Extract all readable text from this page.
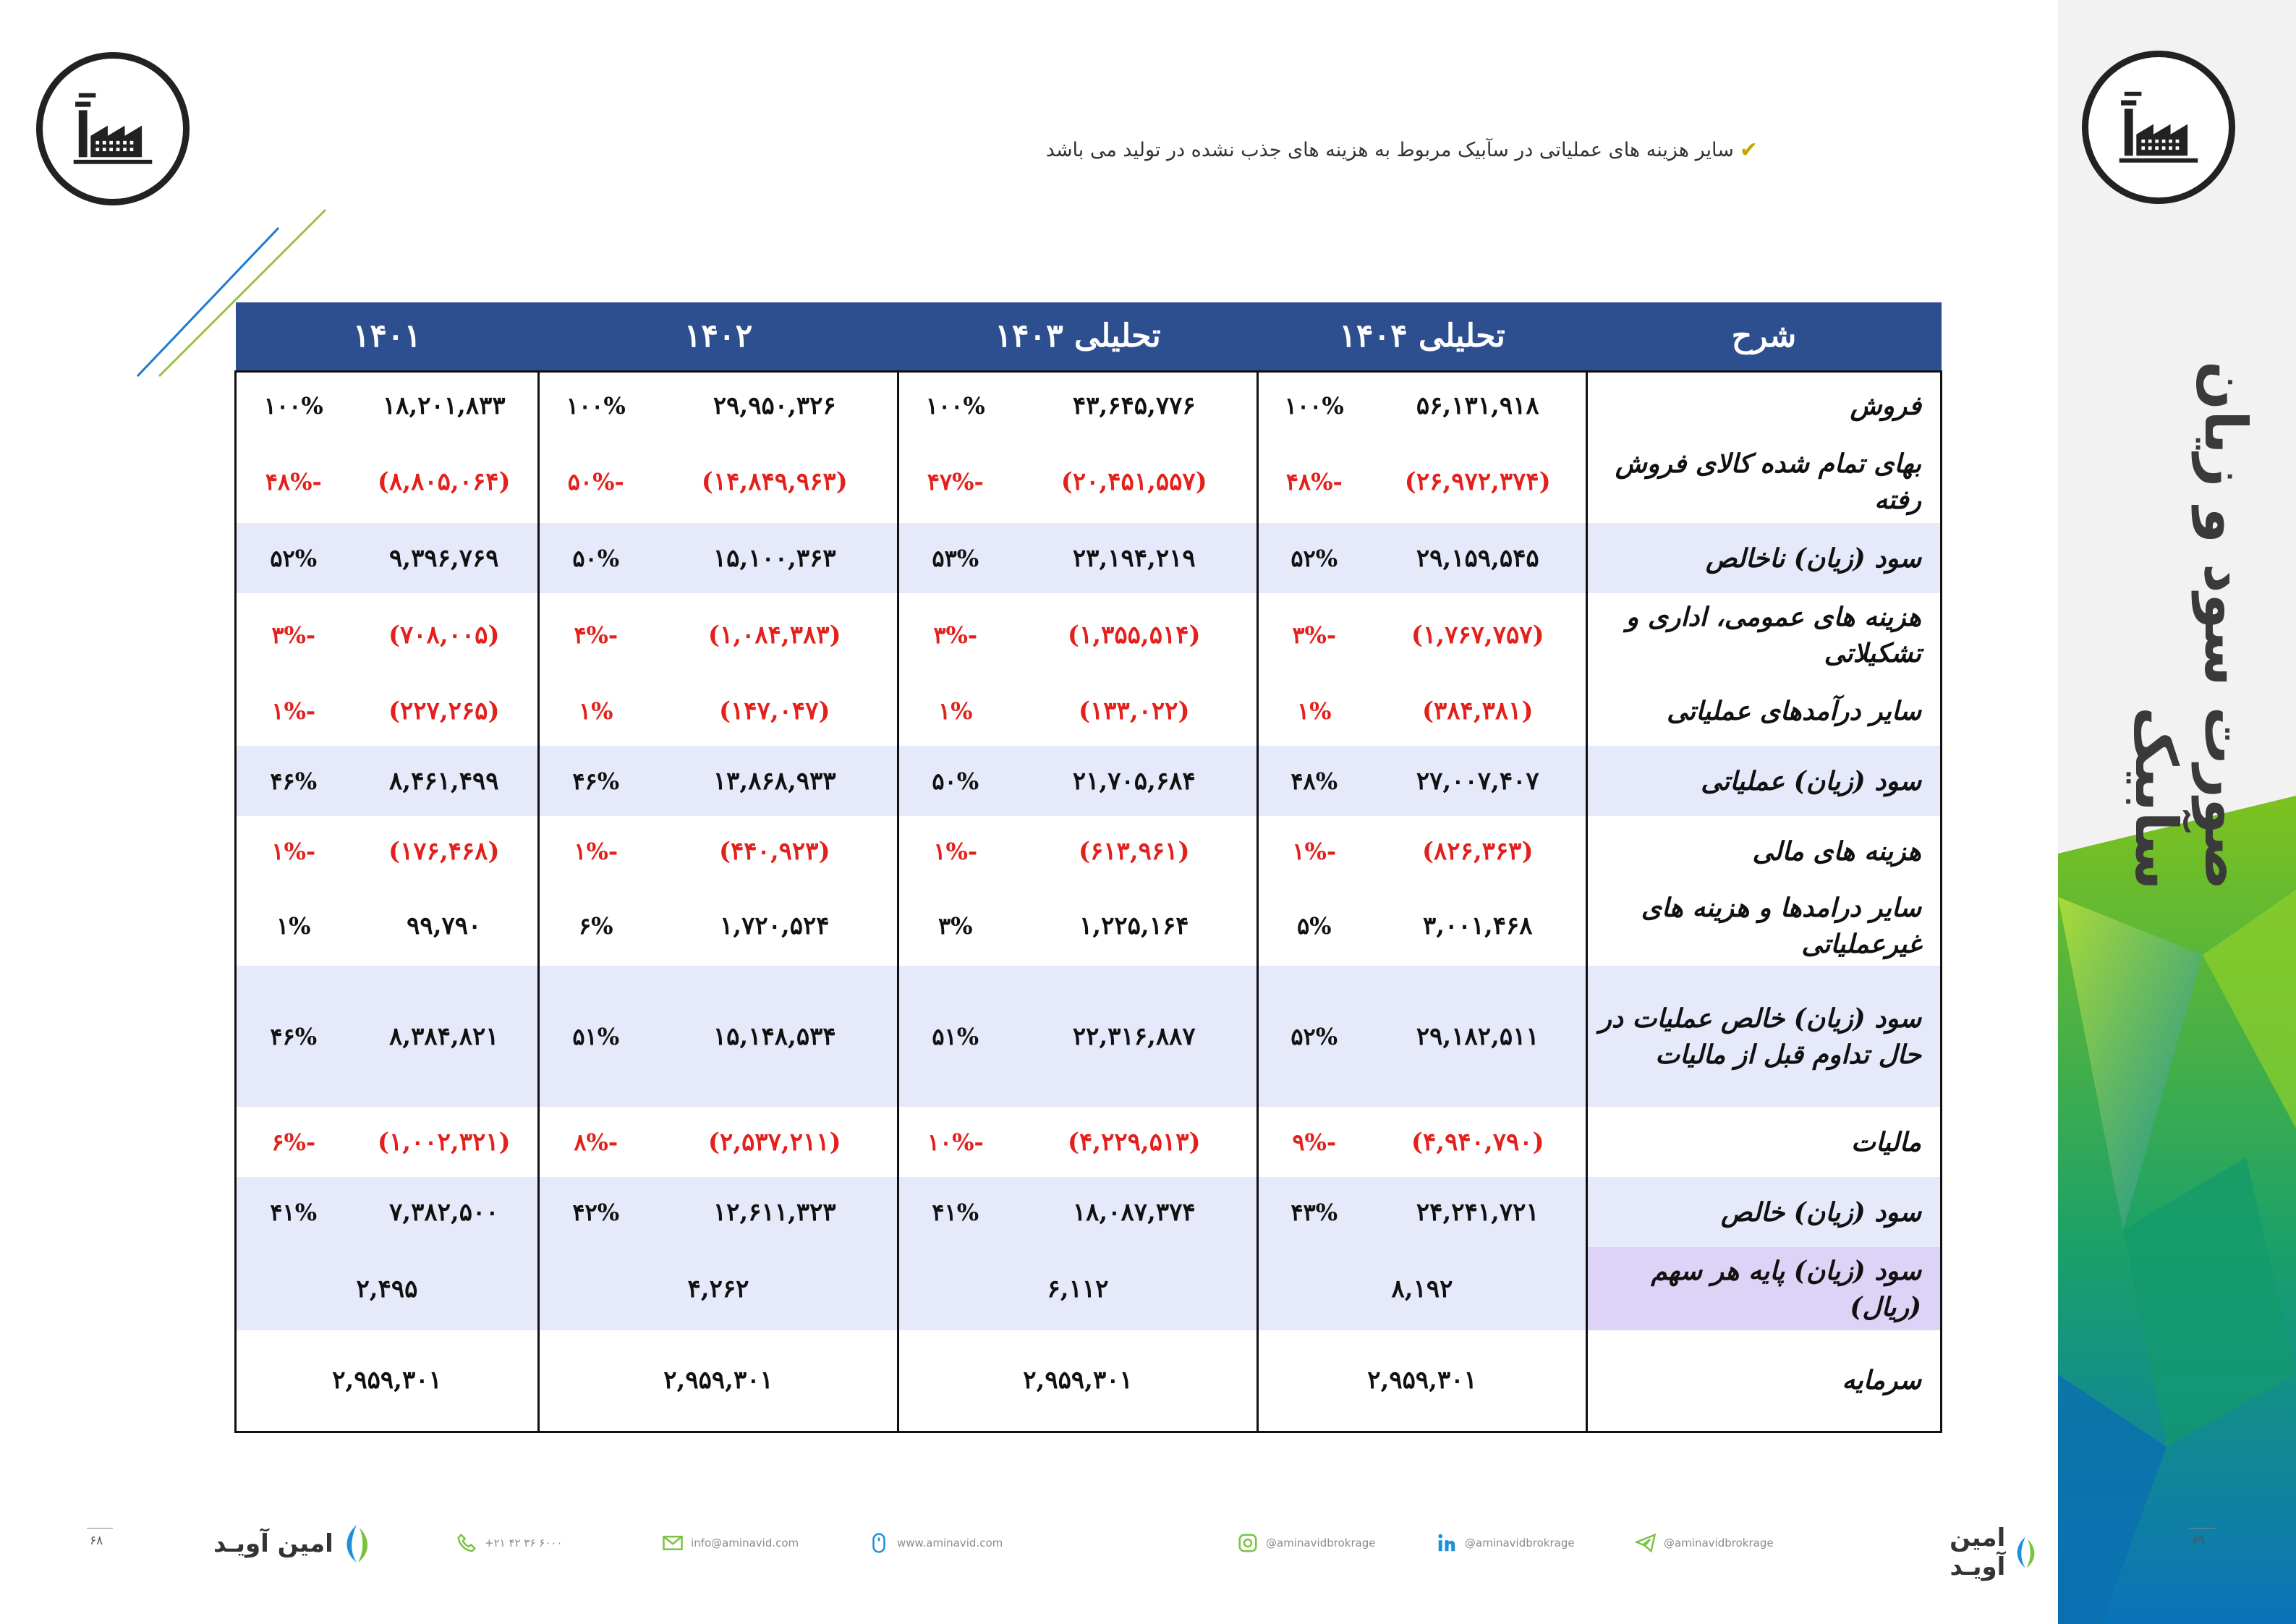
صورت سود و زیان سآبیک
✔
سایر هزینه های عملیاتی در سآبیک مربوط به هزینه های جذب نشده در تولید می باشد
شرح	تحلیلی ۱۴۰۴		تحلیلی ۱۴۰۳		۱۴۰۲		۱۴۰۱	
فروش	۵۶,۱۳۱,۹۱۸	۱۰۰%	۴۳,۶۴۵,۷۷۶	۱۰۰%	۲۹,۹۵۰,۳۲۶	۱۰۰%	۱۸,۲۰۱,۸۳۳	۱۰۰%
بهای تمام شده کالای فروش رفته	(۲۶,۹۷۲,۳۷۴)	-۴۸%	(۲۰,۴۵۱,۵۵۷)	-۴۷%	(۱۴,۸۴۹,۹۶۳)	-۵۰%	(۸,۸۰۵,۰۶۴)	-۴۸%
سود (زیان) ناخالص	۲۹,۱۵۹,۵۴۵	۵۲%	۲۳,۱۹۴,۲۱۹	۵۳%	۱۵,۱۰۰,۳۶۳	۵۰%	۹,۳۹۶,۷۶۹	۵۲%
هزینه های عمومی، اداری و تشکیلاتی	(۱,۷۶۷,۷۵۷)	-۳%	(۱,۳۵۵,۵۱۴)	-۳%	(۱,۰۸۴,۳۸۳)	-۴%	(۷۰۸,۰۰۵)	-۳%
سایر درآمدهای عملیاتی	(۳۸۴,۳۸۱)	۱%	(۱۳۳,۰۲۲)	۱%	(۱۴۷,۰۴۷)	۱%	(۲۲۷,۲۶۵)	-۱%
سود (زیان) عملیاتی	۲۷,۰۰۷,۴۰۷	۴۸%	۲۱,۷۰۵,۶۸۴	۵۰%	۱۳,۸۶۸,۹۳۳	۴۶%	۸,۴۶۱,۴۹۹	۴۶%
هزینه های مالی	(۸۲۶,۳۶۳)	-۱%	(۶۱۳,۹۶۱)	-۱%	(۴۴۰,۹۲۳)	-۱%	(۱۷۶,۴۶۸)	-۱%
سایر درامدها و هزینه های غیرعملیاتی	۳,۰۰۱,۴۶۸	۵%	۱,۲۲۵,۱۶۴	۳%	۱,۷۲۰,۵۲۴	۶%	۹۹,۷۹۰	۱%
سود (زیان) خالص عملیات در حال تداوم قبل از مالیات	۲۹,۱۸۲,۵۱۱	۵۲%	۲۲,۳۱۶,۸۸۷	۵۱%	۱۵,۱۴۸,۵۳۴	۵۱%	۸,۳۸۴,۸۲۱	۴۶%
مالیات	(۴,۹۴۰,۷۹۰)	-۹%	(۴,۲۲۹,۵۱۳)	-۱۰%	(۲,۵۳۷,۲۱۱)	-۸%	(۱,۰۰۲,۳۲۱)	-۶%
سود (زیان) خالص	۲۴,۲۴۱,۷۲۱	۴۳%	۱۸,۰۸۷,۳۷۴	۴۱%	۱۲,۶۱۱,۳۲۳	۴۲%	۷,۳۸۲,۵۰۰	۴۱%
سود (زیان) پایه هر سهم (ریال)	۸,۱۹۲		۶,۱۱۲		۴,۲۶۲		۲,۴۹۵	
سرمایه	۲,۹۵۹,۳۰۱		۲,۹۵۹,۳۰۱		۲,۹۵۹,۳۰۱		۲,۹۵۹,۳۰۱	
۶۸	امین آویـد	+۲۱ ۴۲ ۳۶ ۶۰۰۰	info@aminavid.com	www.aminavid.com	@aminavidbrokrage	@aminavidbrokrage	@aminavidbrokrage	امین آویـد
۶۹
